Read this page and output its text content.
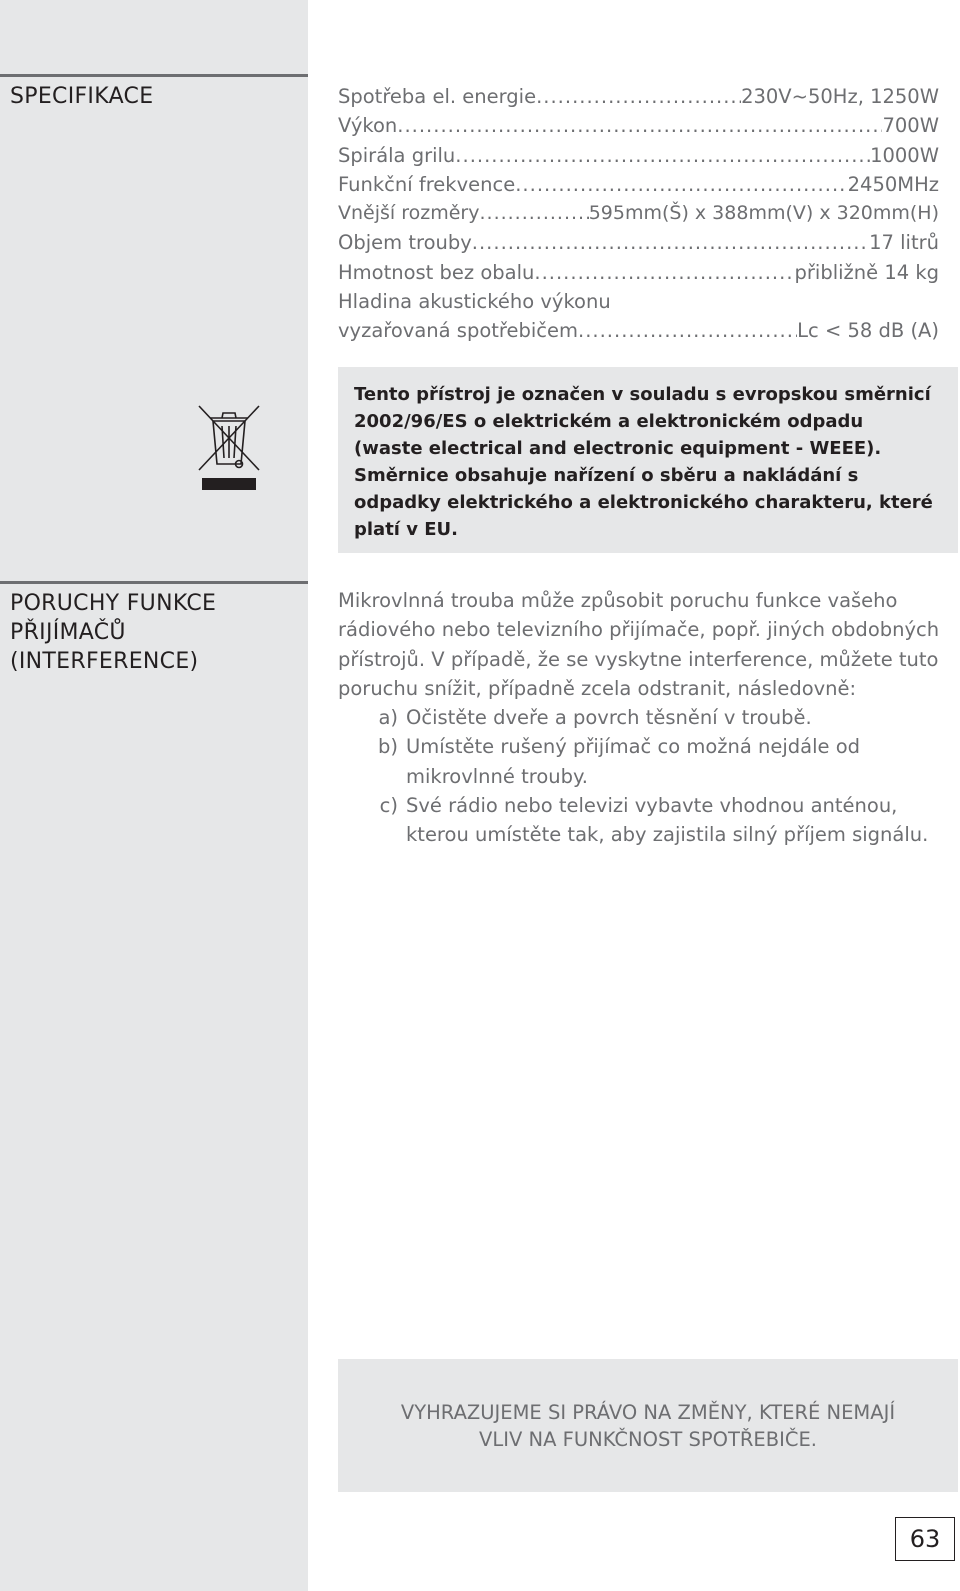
SPECIFIKACE	Spotřeba el. energie .....	230V~50Hz, 1250W
Výkon .....	700W
Spirála grilu .....	1000W
Funkční frekvence .....	2450MHz
Vnější rozměry .....	595mm(Š) x 388mm(V) x 320mm(H)
Objem trouby .....	17 litrů
Hmotnost bez obalu .....	přibližně 14 kg
Hladina akustického výkonu
vyzařovaná spotřebičem .....	Lc < 58 dB (A)
Tento přístroj je označen v souladu s evropskou směrnicí 2002/96/ES o elektrickém a elektronickém odpadu (waste electrical and electronic equipment - WEEE). Směrnice obsahuje nařízení o sběru a nakládání s odpadky elektrického a elektronického charakteru, které platí v EU.
PORUCHY FUNKCE
PŘIJÍMAČŮ
(INTERFERENCE)

Mikrovlnná trouba může způsobit poruchu funkce vašeho rádiového nebo televizního přijímače, popř. jiných obdobných přístrojů. V případě, že se vyskytne interference, můžete tuto poruchu snížit, případně zcela odstranit, následovně:

a) Očistěte dveře a povrch těsnění v troubě.
b) Umístěte rušený přijímač co možná nejdále od mikrovlnné trouby.
c) Své rádio nebo televizi vybavte vhodnou anténou, kterou umístěte tak, aby zajistila silný příjem signálu.
VYHRAZUJEME SI PRÁVO NA ZMĚNY, KTERÉ NEMAJÍ
VLIV NA FUNKČNOST SPOTŘEBIČE.
63
